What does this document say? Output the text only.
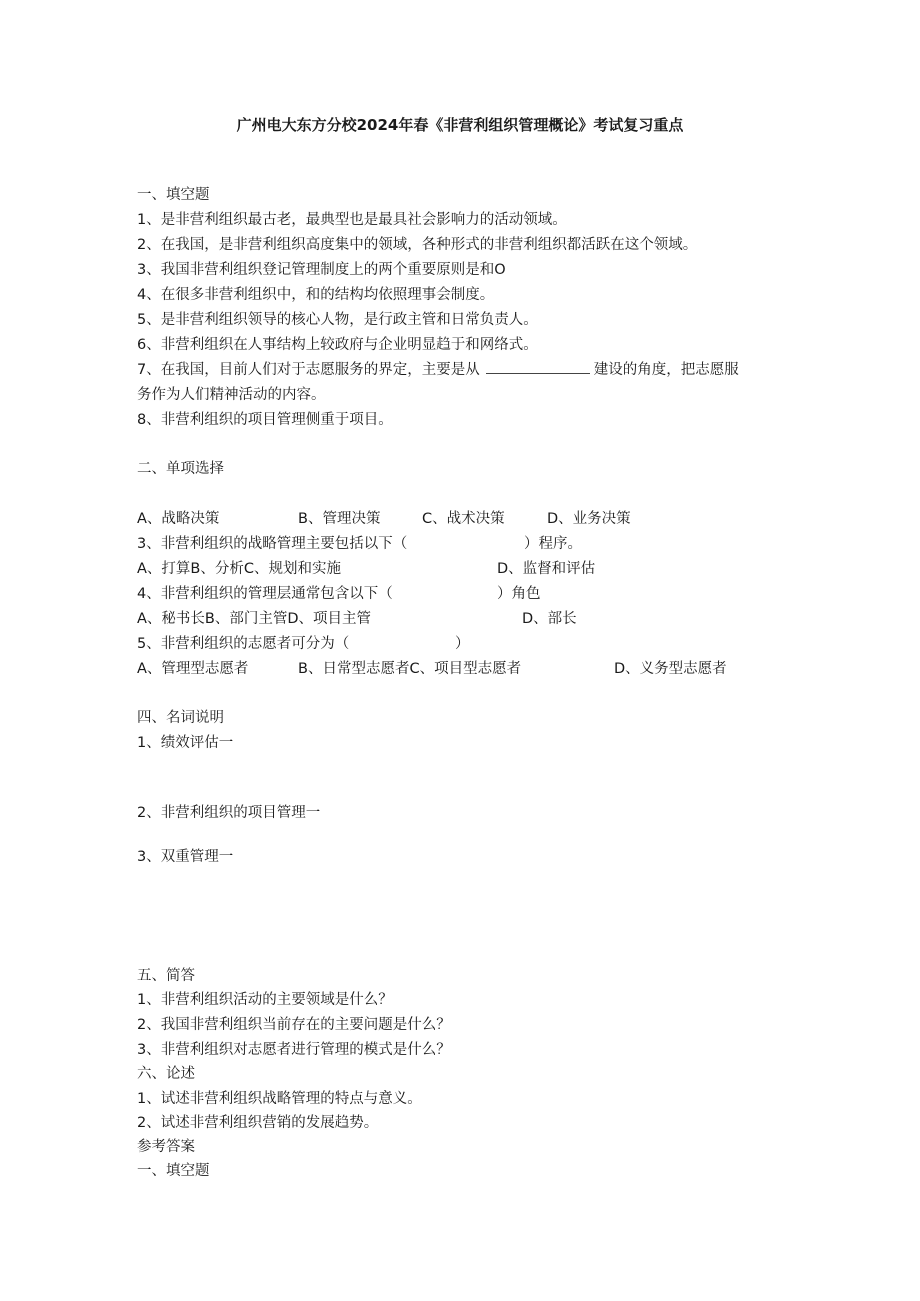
广州电大东方分校2024年春《非营利组织管理概论》考试复习重点
一、填空题
1、是非营利组织最古老，最典型也是最具社会影响力的活动领域。
2、在我国，是非营利组织高度集中的领域，各种形式的非营利组织都活跃在这个领域。
3、我国非营利组织登记管理制度上的两个重要原则是和O
4、在很多非营利组织中，和的结构均依照理事会制度。
5、是非营利组织领导的核心人物，是行政主管和日常负责人。
6、非营利组织在人事结构上较政府与企业明显趋于和网络式。
7、在我国，目前人们对于志愿服务的界定，主要是从	建设的角度，把志愿服
务作为人们精神活动的内容。
8、非营利组织的项目管理侧重于项目。
二、单项选择
A、战略决策	B、管理决策	C、战术决策	D、业务决策
3、非营利组织的战略管理主要包括以下（	）程序。
A、打算B、分析C、规划和实施	D、监督和评估
4、非营利组织的管理层通常包含以下（	）角色
A、秘书长B、部门主管D、项目主管	D、部长
5、非营利组织的志愿者可分为（	）
A、管理型志愿者	B、日常型志愿者C、项目型志愿者	D、义务型志愿者
四、名词说明
1、绩效评估一
2、非营利组织的项目管理一
3、双重管理一
五、简答
1、非营利组织活动的主要领域是什么？
2、我国非营利组织当前存在的主要问题是什么？
3、非营利组织对志愿者进行管理的模式是什么？
六、论述
1、试述非营利组织战略管理的特点与意义。
2、试述非营利组织营销的发展趋势。
参考答案
一、填空题
